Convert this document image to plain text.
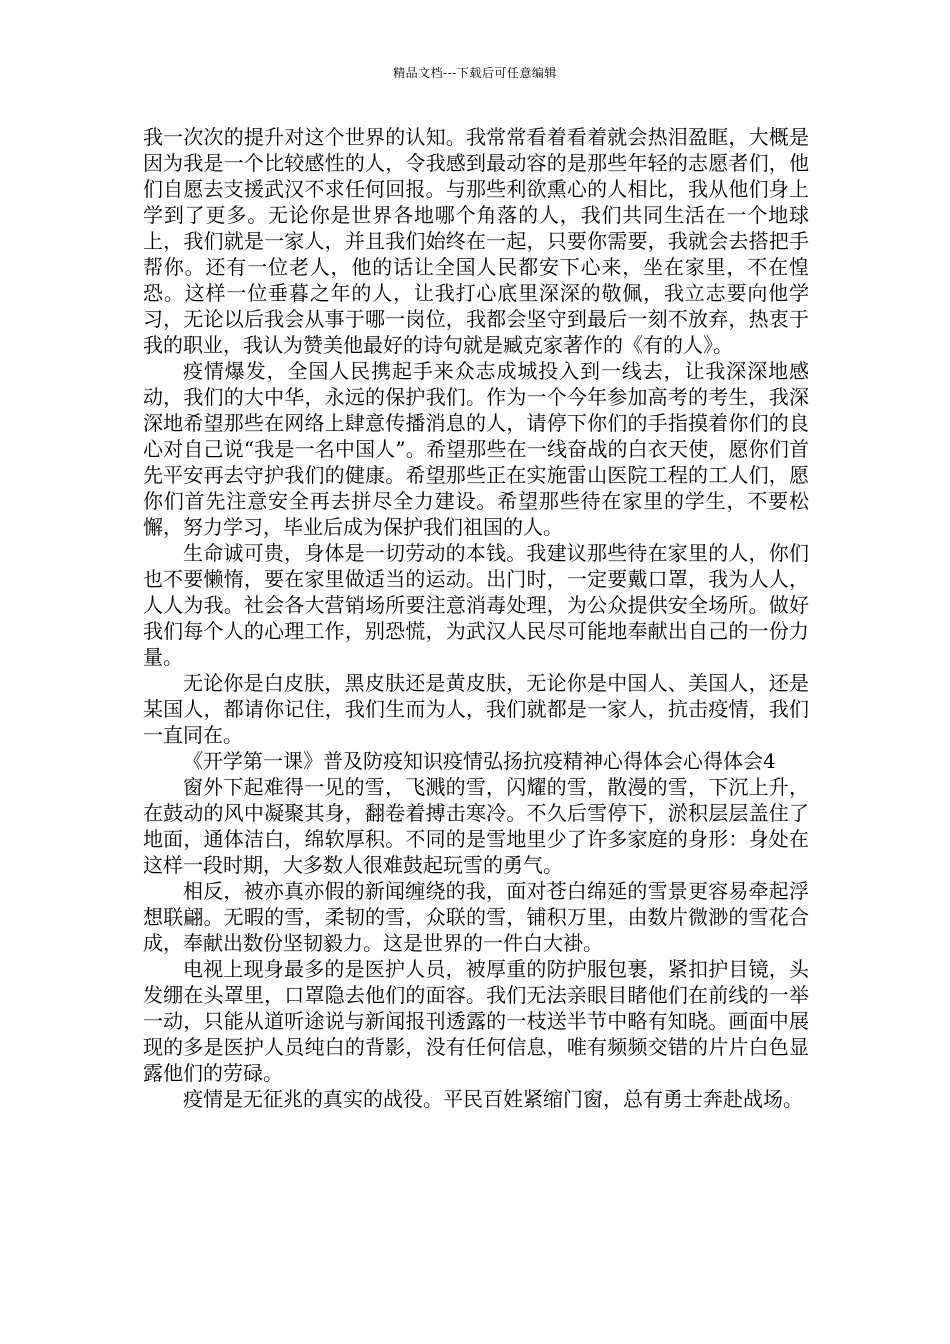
精品文档---下载后可任意编辑

我一次次的提升对这个世界的认知。我常常看着看着就会热泪盈眶，大概是因为我是一个比较感性的人，令我感到最动容的是那些年轻的志愿者们，他们自愿去支援武汉不求任何回报。与那些利欲熏心的人相比，我从他们身上学到了更多。无论你是世界各地哪个角落的人，我们共同生活在一个地球上，我们就是一家人，并且我们始终在一起，只要你需要，我就会去搭把手帮你。还有一位老人，他的话让全国人民都安下心来，坐在家里，不在惶恐。这样一位垂暮之年的人，让我打心底里深深的敬佩，我立志要向他学习，无论以后我会从事于哪一岗位，我都会坚守到最后一刻不放弃，热衷于我的职业，我认为赞美他最好的诗句就是臧克家著作的《有的人》。

疫情爆发，全国人民携起手来众志成城投入到一线去，让我深深地感动，我们的大中华，永远的保护我们。作为一个今年参加高考的考生，我深深地希望那些在网络上肆意传播消息的人，请停下你们的手指摸着你们的良心对自己说“我是一名中国人”。希望那些在一线奋战的白衣天使，愿你们首先平安再去守护我们的健康。希望那些正在实施雷山医院工程的工人们，愿你们首先注意安全再去拼尽全力建设。希望那些待在家里的学生，不要松懈，努力学习，毕业后成为保护我们祖国的人。

生命诚可贵，身体是一切劳动的本钱。我建议那些待在家里的人，你们也不要懒惰，要在家里做适当的运动。出门时，一定要戴口罩，我为人人，人人为我。社会各大营销场所要注意消毒处理，为公众提供安全场所。做好我们每个人的心理工作，别恐慌，为武汉人民尽可能地奉献出自己的一份力量。

无论你是白皮肤，黑皮肤还是黄皮肤，无论你是中国人、美国人，还是某国人，都请你记住，我们生而为人，我们就都是一家人，抗击疫情，我们一直同在。

《开学第一课》普及防疫知识疫情弘扬抗疫精神心得体会心得体会4

窗外下起难得一见的雪，飞溅的雪，闪耀的雪，散漫的雪，下沉上升，在鼓动的风中凝聚其身，翻卷着搏击寒冷。不久后雪停下，淤积层层盖住了地面，通体洁白，绵软厚积。不同的是雪地里少了许多家庭的身形：身处在这样一段时期，大多数人很难鼓起玩雪的勇气。

相反，被亦真亦假的新闻缠绕的我，面对苍白绵延的雪景更容易牵起浮想联翩。无暇的雪，柔韧的雪，众联的雪，铺积万里，由数片微渺的雪花合成，奉献出数份坚韧毅力。这是世界的一件白大褂。

电视上现身最多的是医护人员，被厚重的防护服包裹，紧扣护目镜，头发绷在头罩里，口罩隐去他们的面容。我们无法亲眼目睹他们在前线的一举一动，只能从道听途说与新闻报刊透露的一枝送半节中略有知晓。画面中展现的多是医护人员纯白的背影，没有任何信息，唯有频频交错的片片白色显露他们的劳碌。

疫情是无征兆的真实的战役。平民百姓紧缩门窗，总有勇士奔赴战场。
